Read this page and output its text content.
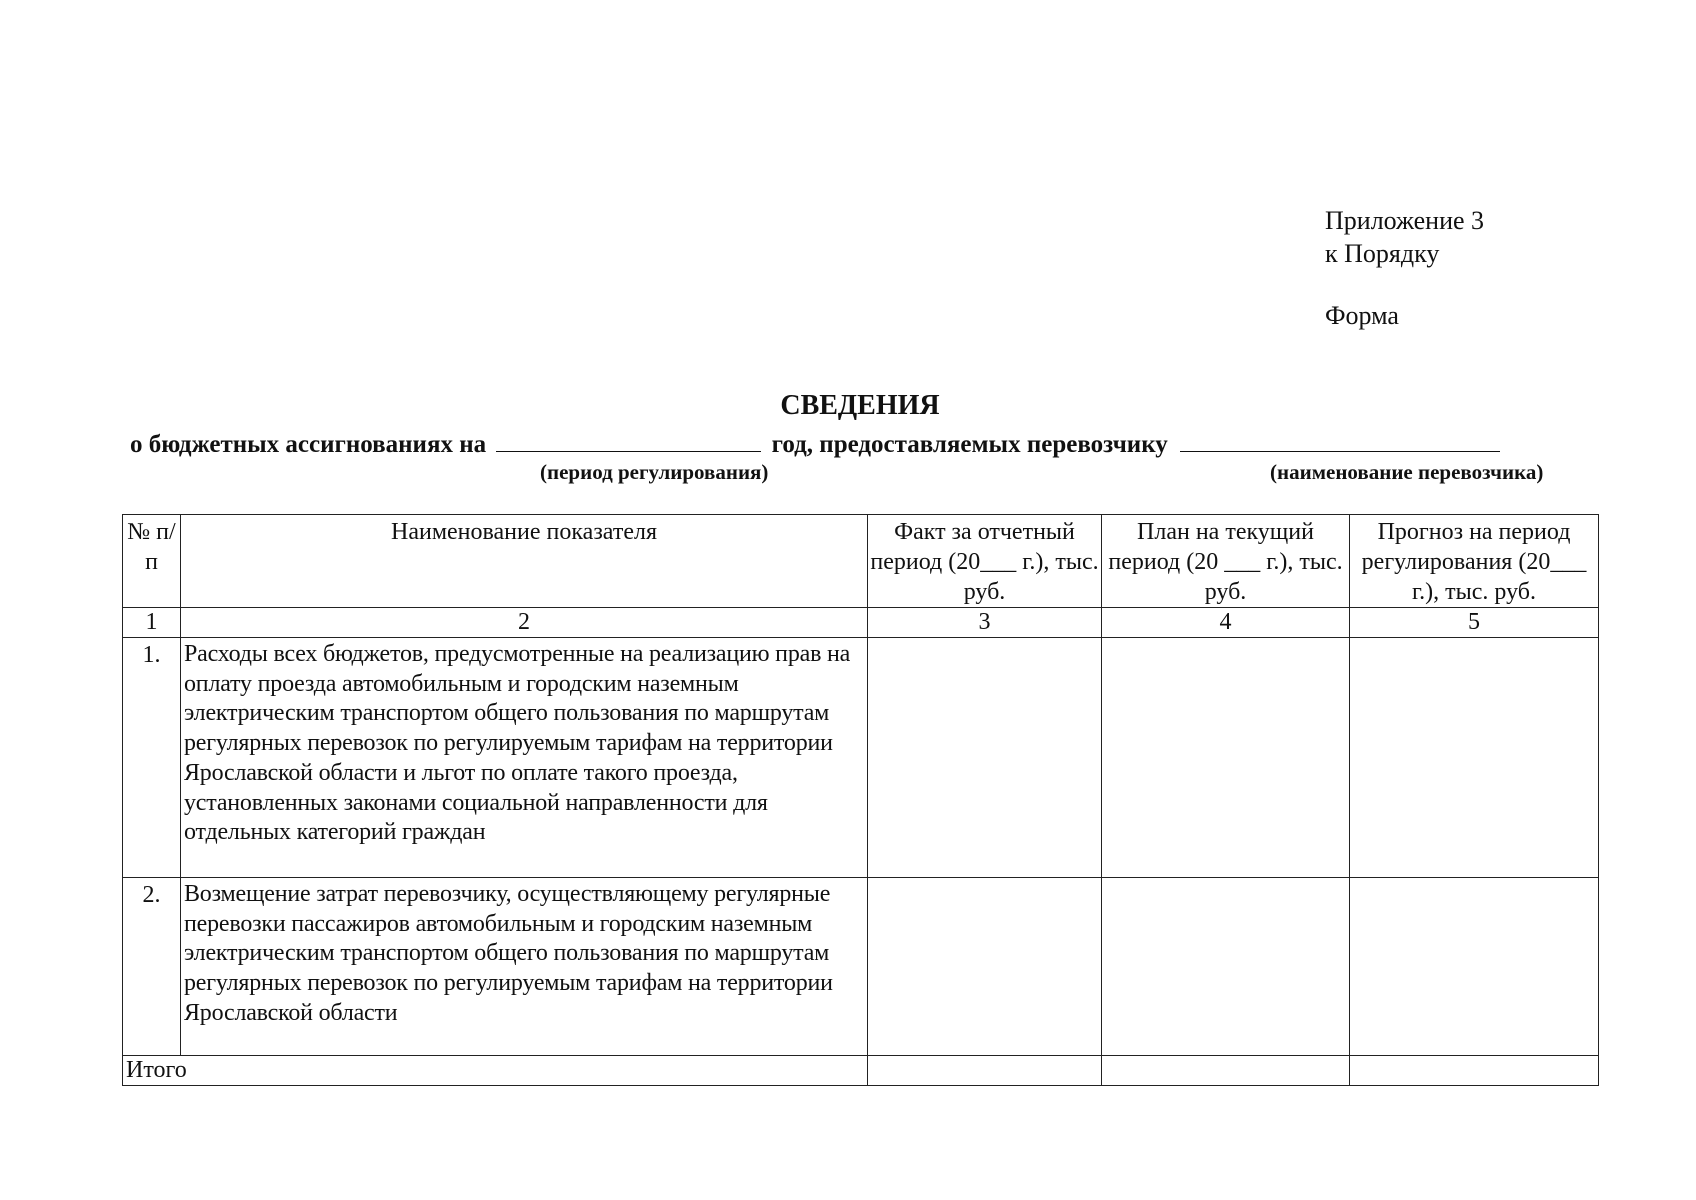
Приложение 3
к Порядку
Форма
СВЕДЕНИЯ
о бюджетных ассигнованиях на	год, предоставляемых перевозчику
(период регулирования)	(наименование перевозчика)
№ п/п	Наименование показателя	Факт за отчетный период (20___ г.), тыс. руб.	План на текущий период (20 ___ г.), тыс. руб.	Прогноз на период регулирования (20___ г.), тыс. руб.
1	2	3	4	5
1.	Расходы всех бюджетов, предусмотренные на реализацию прав на оплату проезда автомобильным и городским наземным электрическим транспортом общего пользования по маршрутам регулярных перевозок по регулируемым тарифам на территории Ярославской области и льгот по оплате такого проезда, установленных законами социальной направленности для отдельных категорий граждан			
2.	Возмещение затрат перевозчику, осуществляющему регулярные перевозки пассажиров автомобильным и городским наземным электрическим транспортом общего пользования по маршрутам регулярных перевозок по регулируемым тарифам на территории Ярославской области			
Итого				
